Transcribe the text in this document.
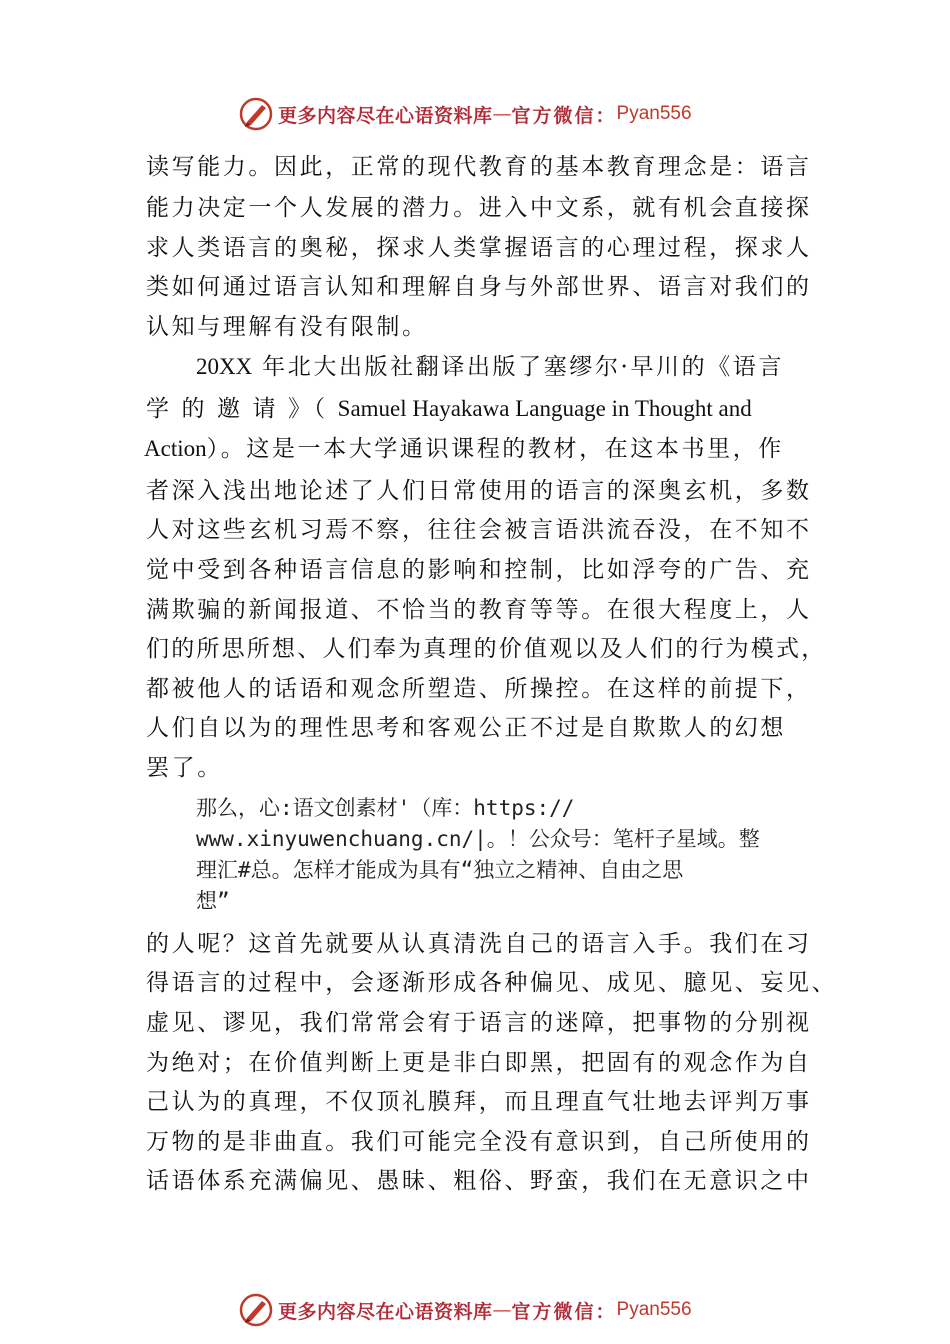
更多内容尽在心语资料库 — 官方微信： Pyan556
读写能力。因此，正常的现代教育的基本教育理念是：语言
能力决定一个人发展的潜力。进入中文系，就有机会直接探
求人类语言的奥秘，探求人类掌握语言的心理过程，探求人
类如何通过语言认知和理解自身与外部世界、语言对我们的
认知与理解有没有限制。
20XX 年北大出版社翻译出版了塞缪尔·早川的《语言
学 的 邀 请 》（ Samuel Hayakawa Language in Thought and
Action）。这是一本大学通识课程的教材，在这本书里，作
者深入浅出地论述了人们日常使用的语言的深奥玄机，多数
人对这些玄机习焉不察，往往会被言语洪流吞没，在不知不
觉中受到各种语言信息的影响和控制，比如浮夸的广告、充
满欺骗的新闻报道、不恰当的教育等等。在很大程度上，人
们的所思所想、人们奉为真理的价值观以及人们的行为模式，
都被他人的话语和观念所塑造、所操控。在这样的前提下，
人们自以为的理性思考和客观公正不过是自欺欺人的幻想
罢了。
那么，心:语文创素材'（库：https://
www.xinyuwenchuang.cn/|。！公众号：笔杆子星域。整
理汇#总。怎样才能成为具有“独立之精神、自由之思
想”
的人呢？这首先就要从认真清洗自己的语言入手。我们在习
得语言的过程中，会逐渐形成各种偏见、成见、臆见、妄见、
虚见、谬见，我们常常会宥于语言的迷障，把事物的分别视
为绝对；在价值判断上更是非白即黑，把固有的观念作为自
己认为的真理，不仅顶礼膜拜，而且理直气壮地去评判万事
万物的是非曲直。我们可能完全没有意识到，自己所使用的
话语体系充满偏见、愚昧、粗俗、野蛮，我们在无意识之中
更多内容尽在心语资料库 — 官方微信： Pyan556
